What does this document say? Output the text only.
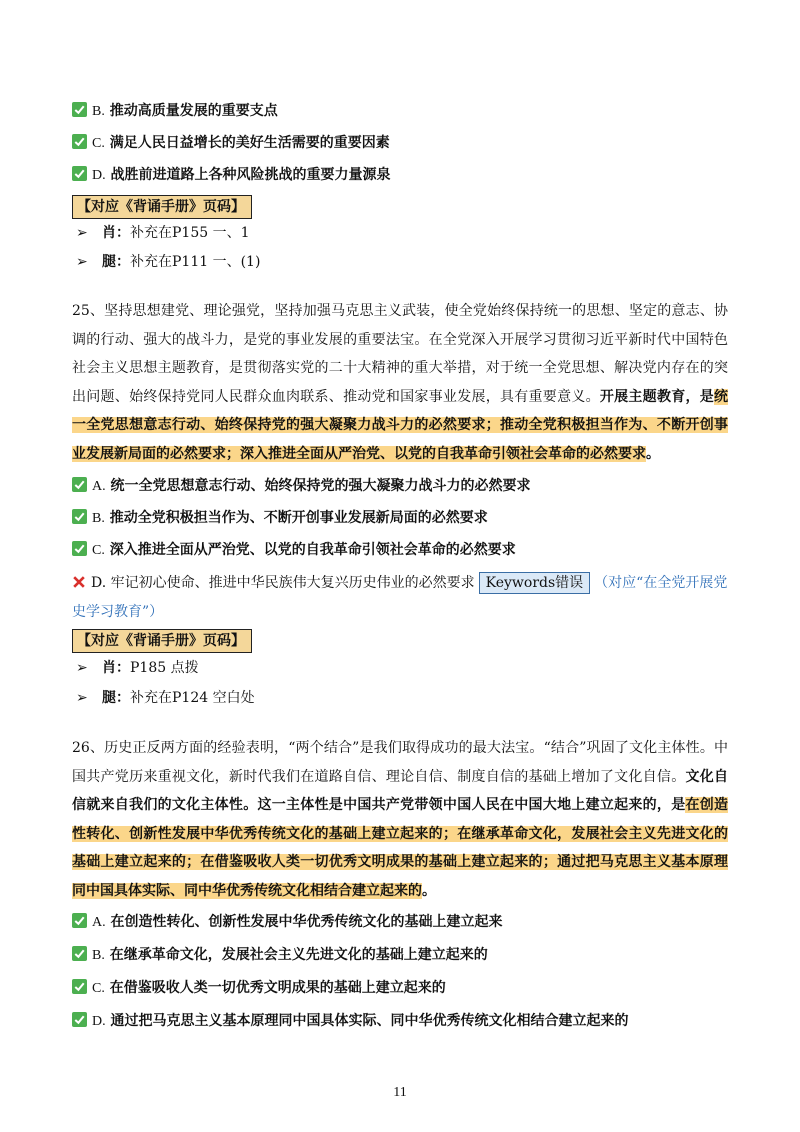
B. 推动高质量发展的重要支点
C. 满足人民日益增长的美好生活需要的重要因素
D. 战胜前进道路上各种风险挑战的重要力量源泉
【对应《背诵手册》页码】
➢ 肖：补充在P155 一、1
➢ 腿：补充在P111 一、(1)
25、坚持思想建党、理论强党，坚持加强马克思主义武装，使全党始终保持统一的思想、坚定的意志、协调的行动、强大的战斗力，是党的事业发展的重要法宝。在全党深入开展学习贯彻习近平新时代中国特色社会主义思想主题教育，是贯彻落实党的二十大精神的重大举措，对于统一全党思想、解决党内存在的突出问题、始终保持党同人民群众血肉联系、推动党和国家事业发展，具有重要意义。开展主题教育，是统一全党思想意志行动、始终保持党的强大凝聚力战斗力的必然要求；推动全党积极担当作为、不断开创事业发展新局面的必然要求；深入推进全面从严治党、以党的自我革命引领社会革命的必然要求。
A. 统一全党思想意志行动、始终保持党的强大凝聚力战斗力的必然要求
B. 推动全党积极担当作为、不断开创事业发展新局面的必然要求
C. 深入推进全面从严治党、以党的自我革命引领社会革命的必然要求
D. 牢记初心使命、推进中华民族伟大复兴历史伟业的必然要求 Keywords错误 （对应“在全党开展党
史学习教育”）
【对应《背诵手册》页码】
➢ 肖：P185 点拨
➢ 腿：补充在P124 空白处
26、历史正反两方面的经验表明，“两个结合”是我们取得成功的最大法宝。“结合”巩固了文化主体性。中国共产党历来重视文化，新时代我们在道路自信、理论自信、制度自信的基础上增加了文化自信。文化自信就来自我们的文化主体性。这一主体性是中国共产党带领中国人民在中国大地上建立起来的，是在创造性转化、创新性发展中华优秀传统文化的基础上建立起来的；在继承革命文化，发展社会主义先进文化的基础上建立起来的；在借鉴吸收人类一切优秀文明成果的基础上建立起来的；通过把马克思主义基本原理同中国具体实际、同中华优秀传统文化相结合建立起来的。
A. 在创造性转化、创新性发展中华优秀传统文化的基础上建立起来
B. 在继承革命文化，发展社会主义先进文化的基础上建立起来的
C. 在借鉴吸收人类一切优秀文明成果的基础上建立起来的
D. 通过把马克思主义基本原理同中国具体实际、同中华优秀传统文化相结合建立起来的
11
